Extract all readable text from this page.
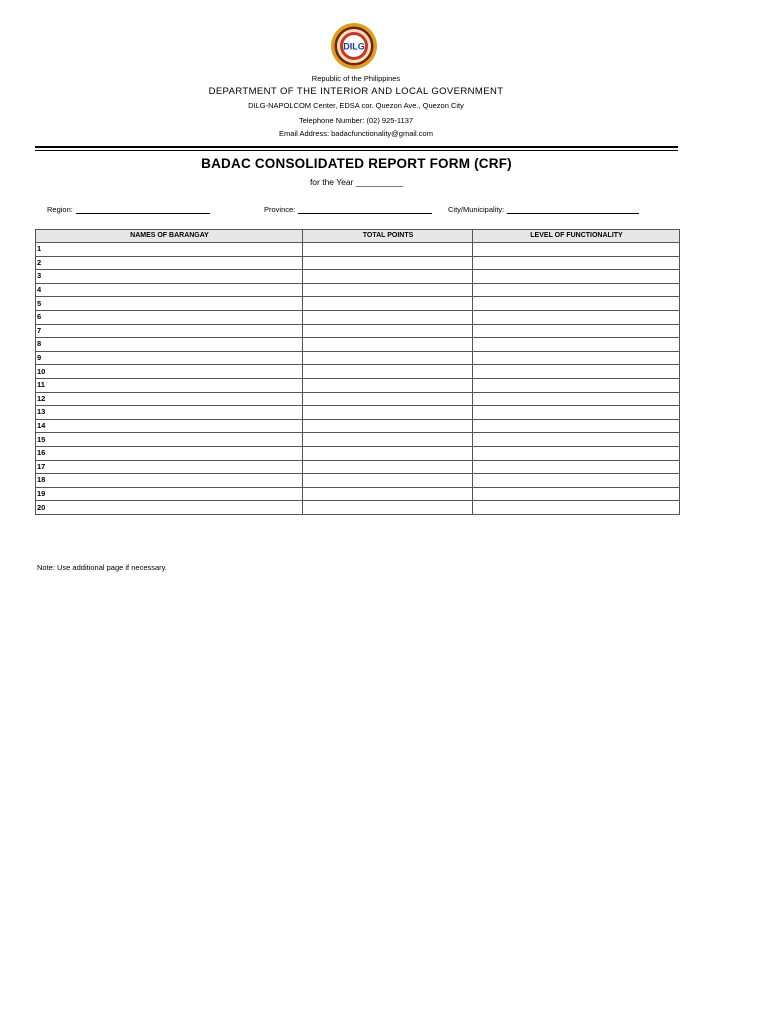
DILG
Republic of the Philippines
DEPARTMENT OF THE INTERIOR AND LOCAL GOVERNMENT
DILG-NAPOLCOM Center, EDSA cor. Quezon Ave., Quezon City
Telephone Number: (02) 925-1137
Email Address: badacfunctionality@gmail.com
BADAC CONSOLIDATED REPORT FORM (CRF)
for the Year __________
Region:	Province:	City/Municipality:
NAMES OF BARANGAY	TOTAL POINTS	LEVEL OF FUNCTIONALITY
1		
2		
3		
4		
5		
6		
7		
8		
9		
10		
11		
12		
13		
14		
15		
16		
17		
18		
19		
20		
Note: Use additional page if necessary.
